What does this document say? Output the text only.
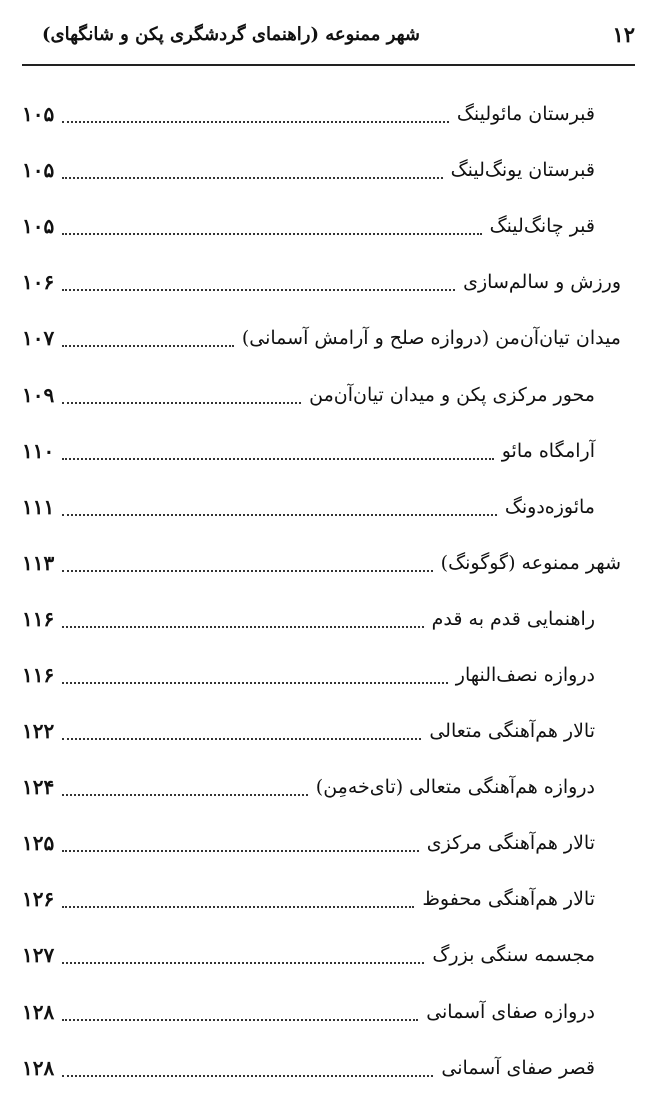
۱۲
شهر ممنوعه (راهنمای گردشگری پکن و شانگهای)
قبرستان مائولینگ
۱۰۵
قبرستان یونگ‌لینگ
۱۰۵
قبر چانگ‌لینگ
۱۰۵
ورزش و سالم‌سازی
۱۰۶
میدان تیان‌آن‌من (دروازه صلح و آرامش آسمانی)
۱۰۷
محور مرکزی پکن و میدان تیان‌آن‌من
۱۰۹
آرامگاه مائو
۱۱۰
مائوزه‌دونگ
۱۱۱
شهر ممنوعه (گوگونگ)
۱۱۳
راهنمایی قدم به قدم
۱۱۶
دروازه نصف‌النهار
۱۱۶
تالار هم‌آهنگی متعالی
۱۲۲
دروازه هم‌آهنگی متعالی (تای‌خه‌مِن)
۱۲۴
تالار هم‌آهنگی مرکزی
۱۲۵
تالار هم‌آهنگی محفوظ
۱۲۶
مجسمه سنگی بزرگ
۱۲۷
دروازه صفای آسمانی
۱۲۸
قصر صفای آسمانی
۱۲۸
